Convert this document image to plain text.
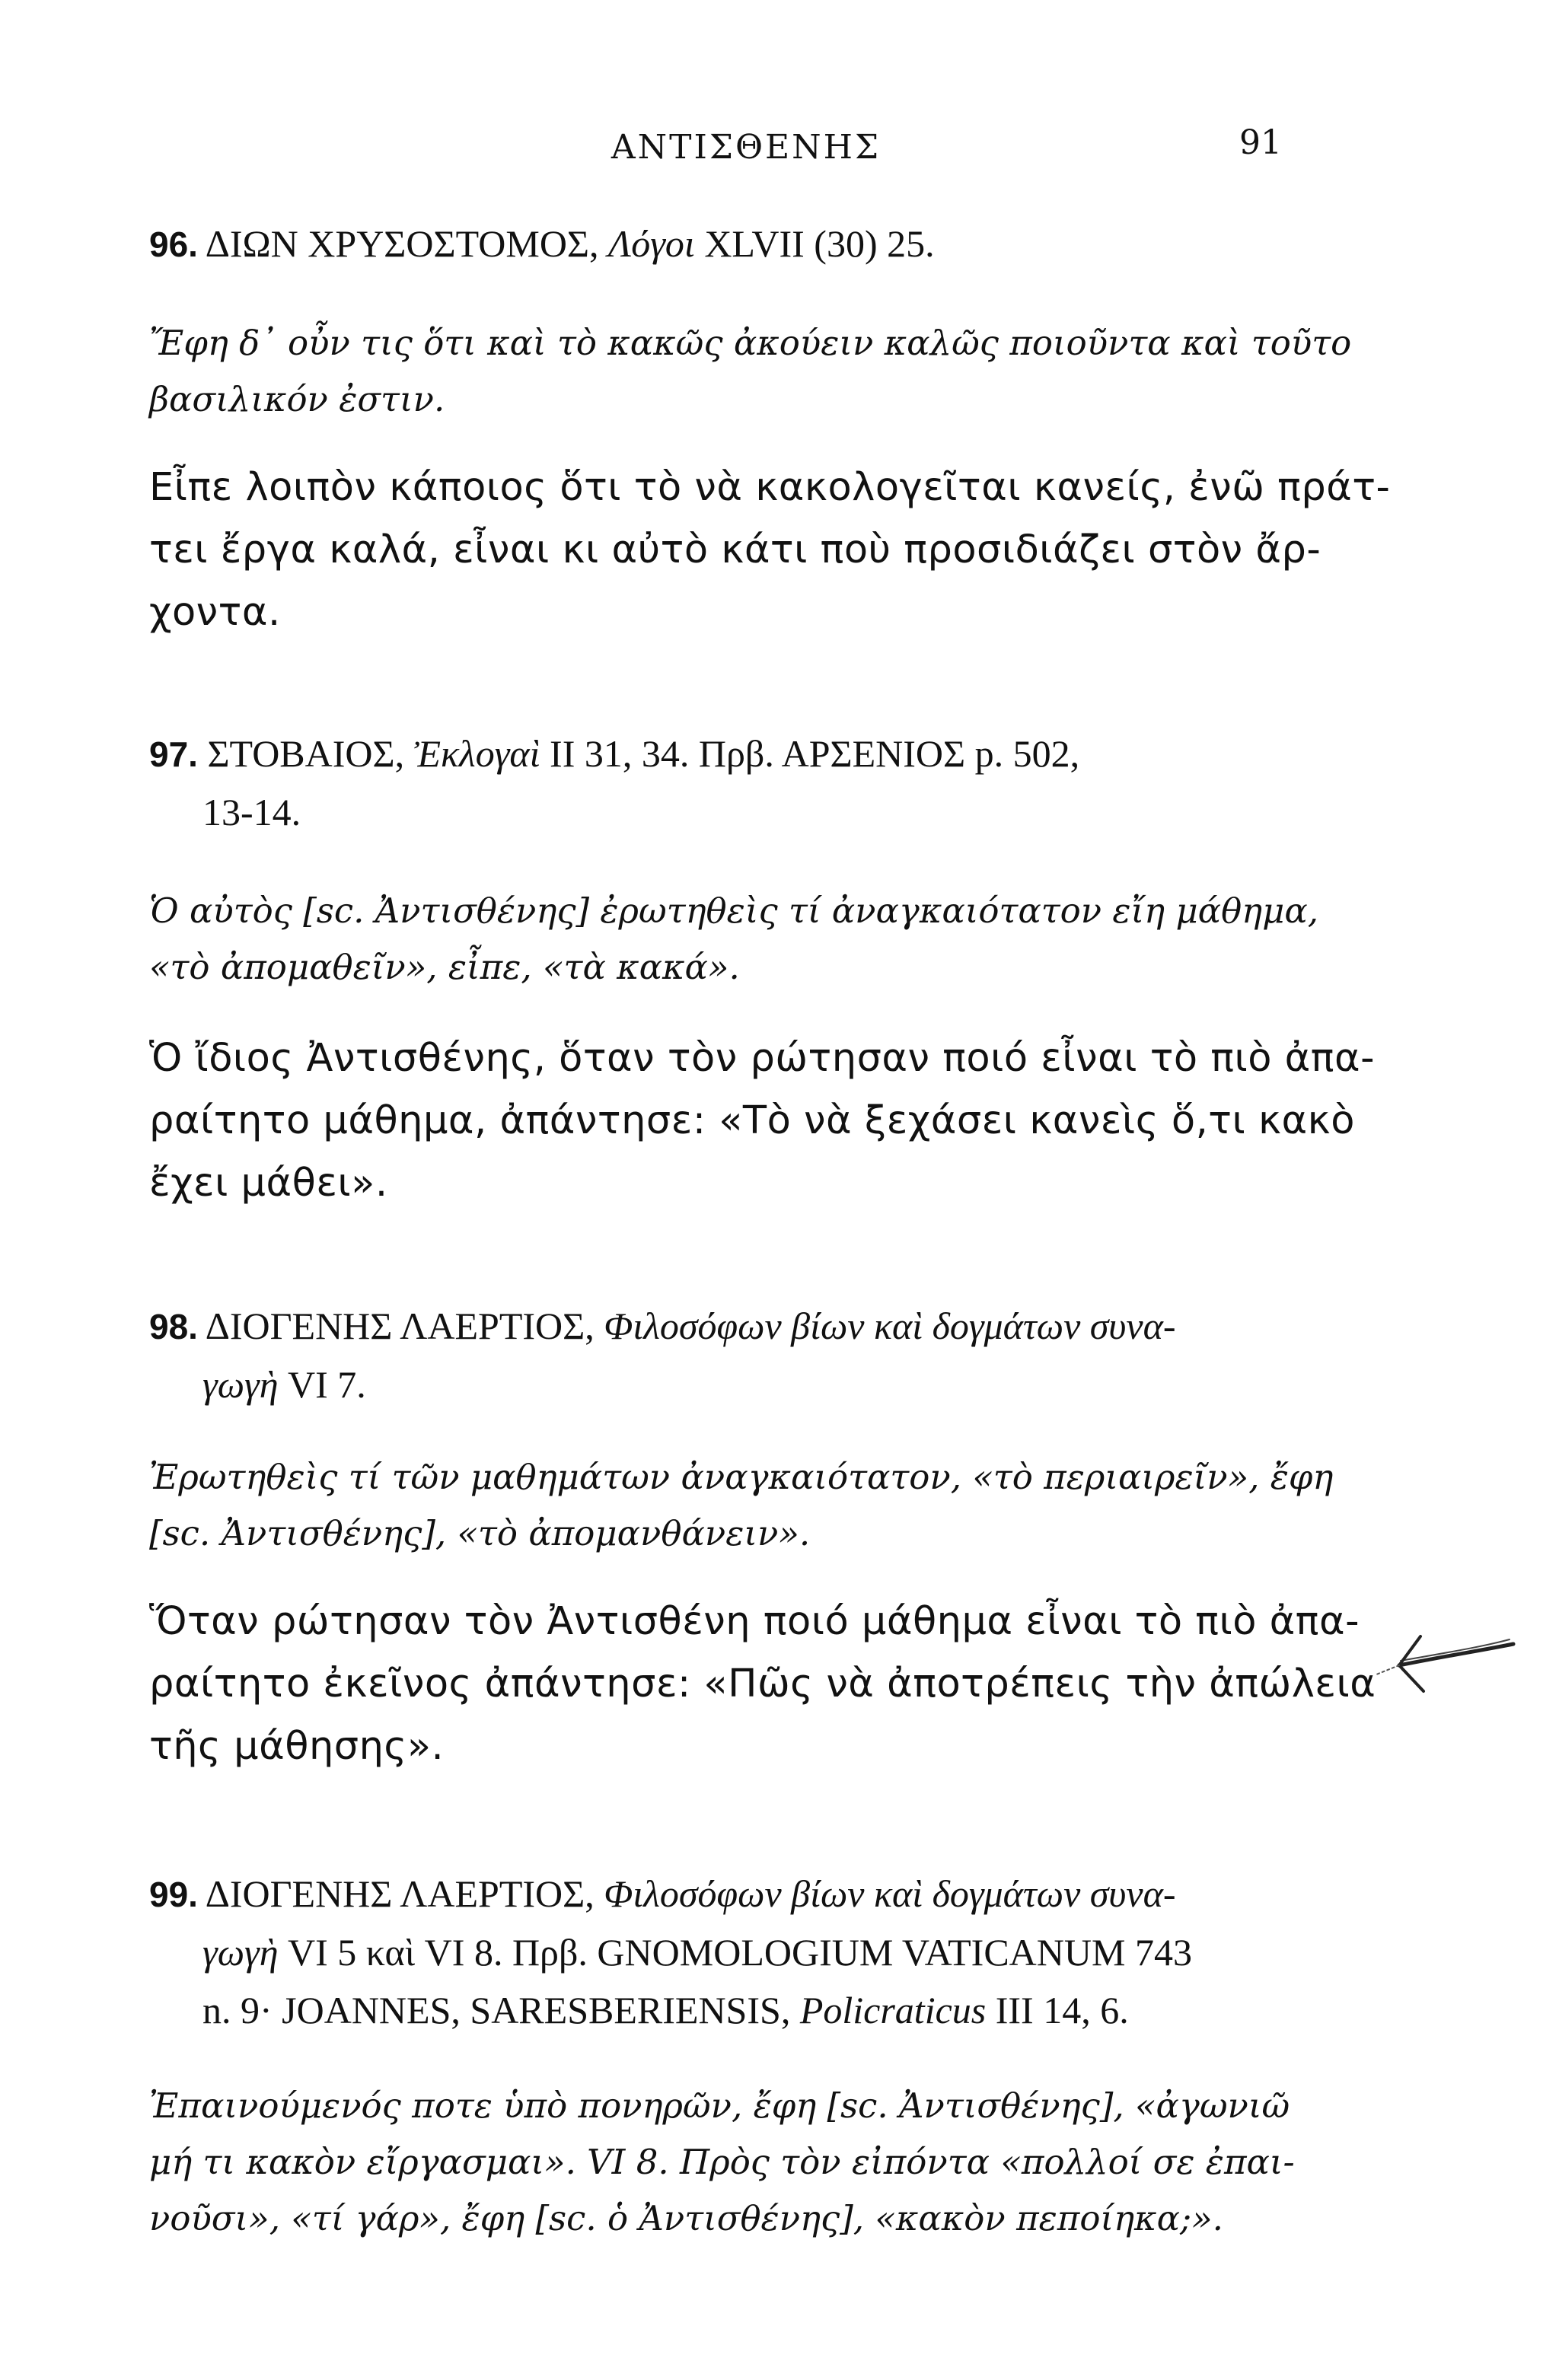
ΑΝΤΙΣΘΕΝΗΣ	91
96. ΔΙΩΝ ΧΡΥΣΟΣΤΟΜΟΣ, Λόγοι XLVII (30) 25.
Ἔφη δ᾽ οὖν τις ὅτι καὶ τὸ κακῶς ἀκούειν καλῶς ποιοῦντα καὶ τοῦτο
βασιλικόν ἐστιν.
Εἶπε λοιπὸν κάποιος ὅτι τὸ νὰ κακολογεῖται κανείς, ἐνῶ πράτ-
τει ἔργα καλά, εἶναι κι αὐτὸ κάτι ποὺ προσιδιάζει στὸν ἄρ-
χοντα.
97. ΣΤΟΒΑΙΟΣ, Ἐκλογαὶ II 31, 34. Πρβ. ΑΡΣΕΝΙΟΣ p. 502,
13-14.
Ὁ αὐτὸς [sc. Ἀντισθένης] ἐρωτηθεὶς τί ἀναγκαιότατον εἴη μάθημα,
«τὸ ἀπομαθεῖν», εἶπε, «τὰ κακά».
Ὁ ἴδιος Ἀντισθένης, ὅταν τὸν ρώτησαν ποιό εἶναι τὸ πιὸ ἀπα-
ραίτητο μάθημα, ἀπάντησε: «Τὸ νὰ ξεχάσει κανεὶς ὅ,τι κακὸ
ἔχει μάθει».
98. ΔΙΟΓΕΝΗΣ ΛΑΕΡΤΙΟΣ, Φιλοσόφων βίων καὶ δογμάτων συνα-
γωγὴ VI 7.
Ἐρωτηθεὶς τί τῶν μαθημάτων ἀναγκαιότατον, «τὸ περιαιρεῖν», ἔφη
[sc. Ἀντισθένης], «τὸ ἀπομανθάνειν».
Ὅταν ρώτησαν τὸν Ἀντισθένη ποιό μάθημα εἶναι τὸ πιὸ ἀπα-
ραίτητο ἐκεῖνος ἀπάντησε: «Πῶς νὰ ἀποτρέπεις τὴν ἀπώλεια
τῆς μάθησης».
99. ΔΙΟΓΕΝΗΣ ΛΑΕΡΤΙΟΣ, Φιλοσόφων βίων καὶ δογμάτων συνα-
γωγὴ VI 5 καὶ VI 8. Πρβ. GNOMOLOGIUM VATICANUM 743
n. 9· JOANNES, SARESBERIENSIS, Policraticus III 14, 6.
Ἐπαινούμενός ποτε ὑπὸ πονηρῶν, ἔφη [sc. Ἀντισθένης], «ἀγωνιῶ
μή τι κακὸν εἴργασμαι». VI 8. Πρὸς τὸν εἰπόντα «πολλοί σε ἐπαι-
νοῦσι», «τί γάρ», ἔφη [sc. ὁ Ἀντισθένης], «κακὸν πεποίηκα;».
